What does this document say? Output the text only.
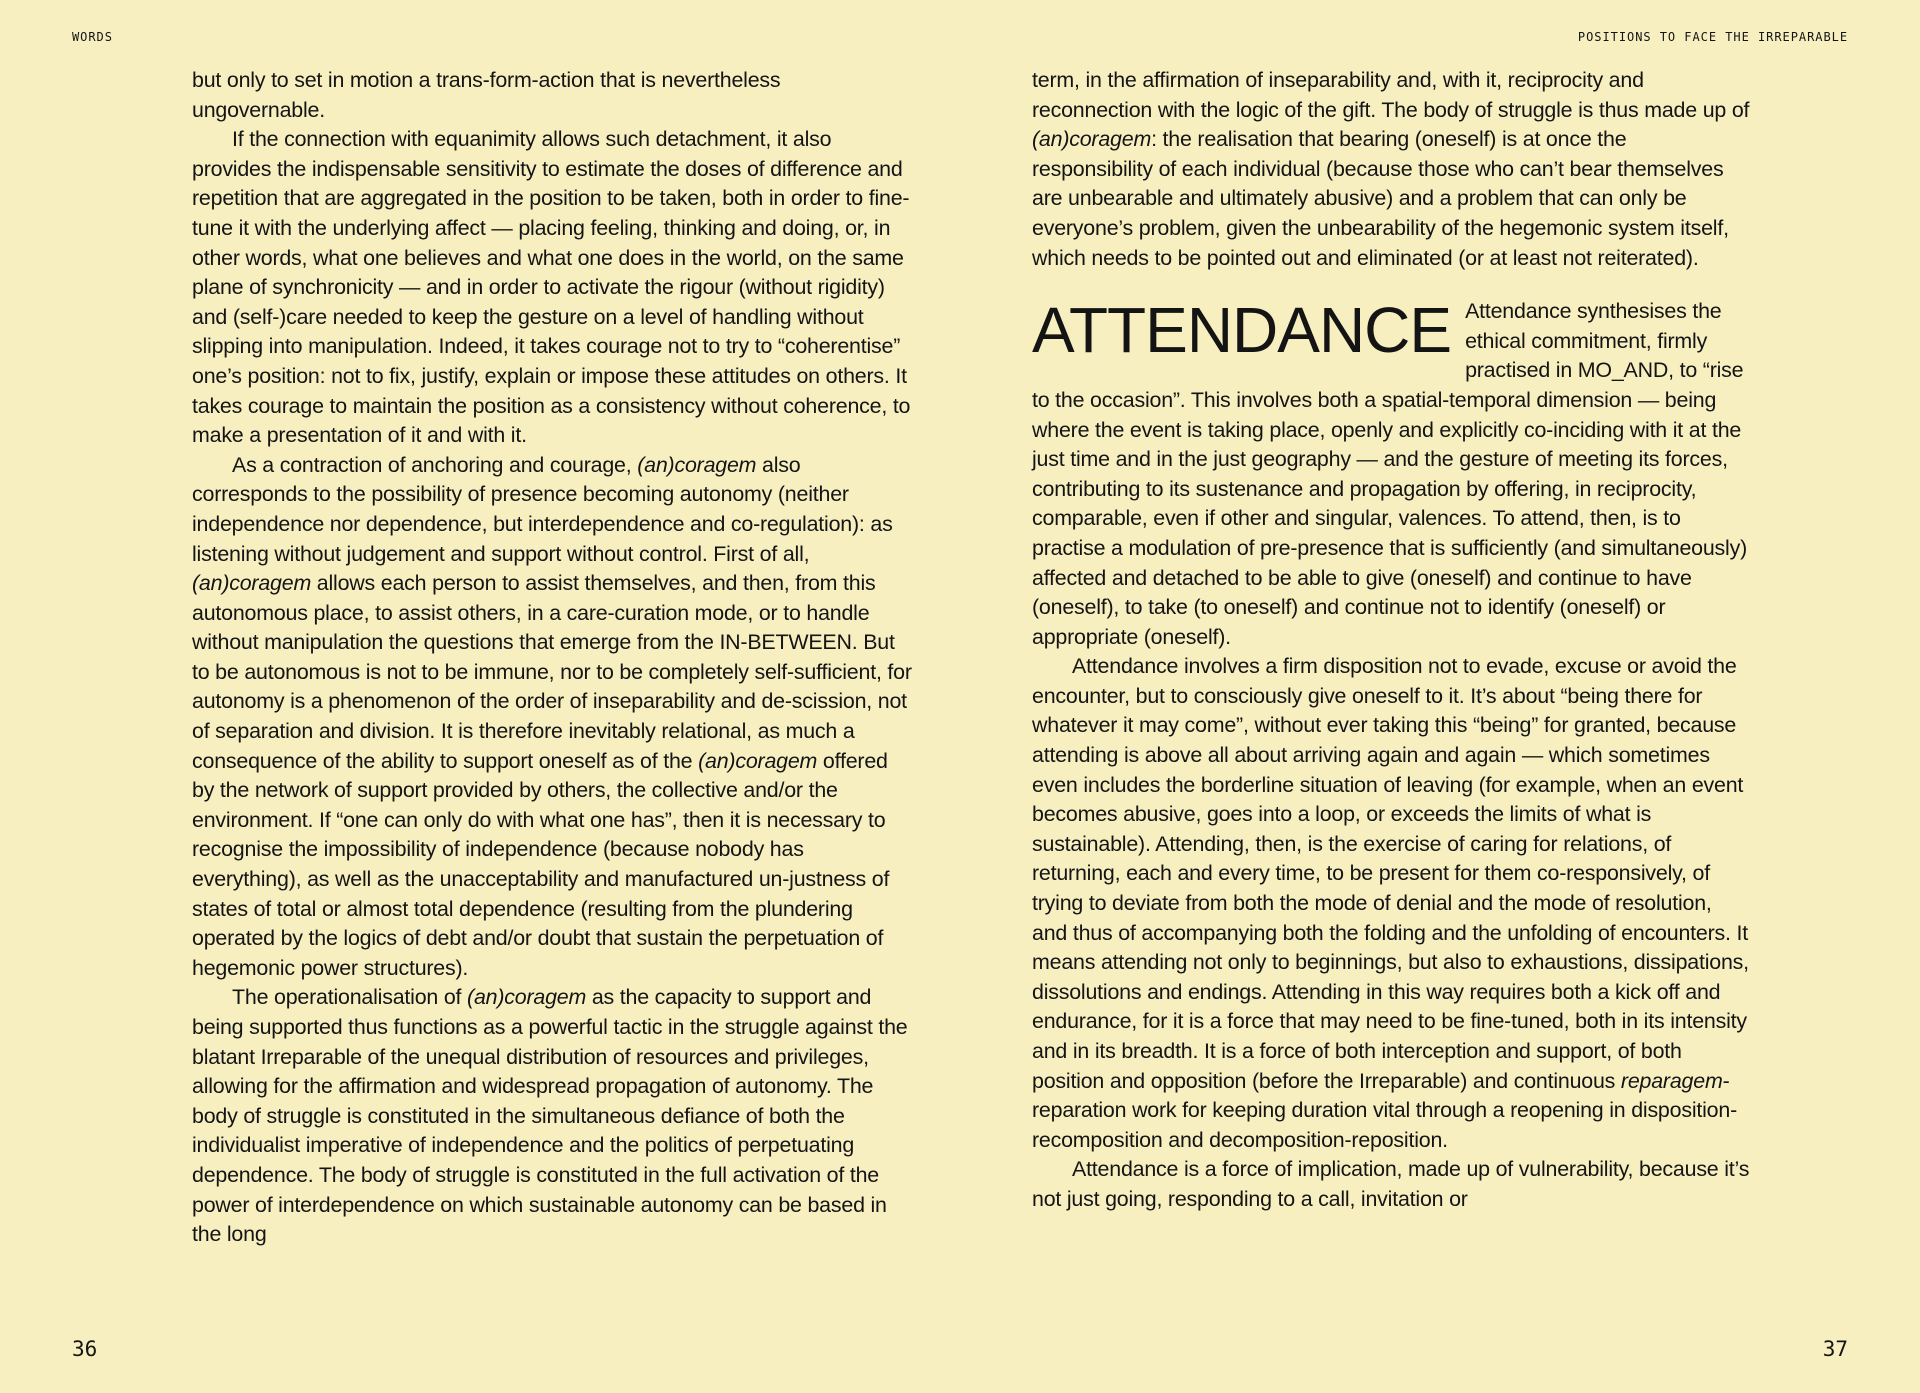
WORDS	POSITIONS TO FACE THE IRREPARABLE

but only to set in motion a trans-form-action that is nevertheless ungovernable.

If the connection with equanimity allows such detachment, it also provides the indispensable sensitivity to estimate the doses of difference and repetition that are aggregated in the position to be taken, both in order to fine-tune it with the underlying affect — placing feeling, thinking and doing, or, in other words, what one believes and what one does in the world, on the same plane of synchronicity — and in order to activate the rigour (without rigidity) and (self-)care needed to keep the gesture on a level of handling without slipping into manipulation. Indeed, it takes courage not to try to “coherentise” one’s position: not to fix, justify, explain or impose these attitudes on others. It takes courage to maintain the position as a consistency without coherence, to make a presentation of it and with it.

As a contraction of anchoring and courage, (an)coragem also corresponds to the possibility of presence becoming autonomy (neither independence nor dependence, but interdependence and co-regulation): as listening without judgement and support without control. First of all, (an)coragem allows each person to assist themselves, and then, from this autonomous place, to assist others, in a care-curation mode, or to handle without manipulation the questions that emerge from the IN-BETWEEN. But to be autonomous is not to be immune, nor to be completely self-sufficient, for autonomy is a phenomenon of the order of inseparability and de-scission, not of separation and division. It is therefore inevitably relational, as much a consequence of the ability to support oneself as of the (an)coragem offered by the network of support provided by others, the collective and/or the environment. If “one can only do with what one has”, then it is necessary to recognise the impossibility of independence (because nobody has everything), as well as the unacceptability and manufactured un-justness of states of total or almost total dependence (resulting from the plundering operated by the logics of debt and/or doubt that sustain the perpetuation of hegemonic power structures).

The operationalisation of (an)coragem as the capacity to support and being supported thus functions as a powerful tactic in the struggle against the blatant Irreparable of the unequal distribution of resources and privileges, allowing for the affirmation and widespread propagation of autonomy. The body of struggle is constituted in the simultaneous defiance of both the individualist imperative of independence and the politics of perpetuating dependence. The body of struggle is constituted in the full activation of the power of interdependence on which sustainable autonomy can be based in the long

term, in the affirmation of inseparability and, with it, reciprocity and reconnection with the logic of the gift. The body of struggle is thus made up of (an)coragem: the realisation that bearing (oneself) is at once the responsibility of each individual (because those who can’t bear themselves are unbearable and ultimately abusive) and a problem that can only be everyone’s problem, given the unbearability of the hegemonic system itself, which needs to be pointed out and eliminated (or at least not reiterated).

ATTENDANCE Attendance synthesises the ethical commitment, firmly practised in MO_AND, to “rise to the occasion”. This involves both a spatial-temporal dimension — being where the event is taking place, openly and explicitly co-inciding with it at the just time and in the just geography — and the gesture of meeting its forces, contributing to its sustenance and propagation by offering, in reciprocity, comparable, even if other and singular, valences. To attend, then, is to practise a modulation of pre-presence that is sufficiently (and simultaneously) affected and detached to be able to give (oneself) and continue to have (oneself), to take (to oneself) and continue not to identify (oneself) or appropriate (oneself).

Attendance involves a firm disposition not to evade, excuse or avoid the encounter, but to consciously give oneself to it. It’s about “being there for whatever it may come”, without ever taking this “being” for granted, because attending is above all about arriving again and again — which sometimes even includes the borderline situation of leaving (for example, when an event becomes abusive, goes into a loop, or exceeds the limits of what is sustainable). Attending, then, is the exercise of caring for relations, of returning, each and every time, to be present for them co-responsively, of trying to deviate from both the mode of denial and the mode of resolution, and thus of accompanying both the folding and the unfolding of encounters. It means attending not only to beginnings, but also to exhaustions, dissipations, dissolutions and endings. Attending in this way requires both a kick off and endurance, for it is a force that may need to be fine-tuned, both in its intensity and in its breadth. It is a force of both interception and support, of both position and opposition (before the Irreparable) and continuous reparagem-reparation work for keeping duration vital through a reopening in disposition-recomposition and decomposition-reposition.

Attendance is a force of implication, made up of vulnerability, because it’s not just going, responding to a call, invitation or

36	37
